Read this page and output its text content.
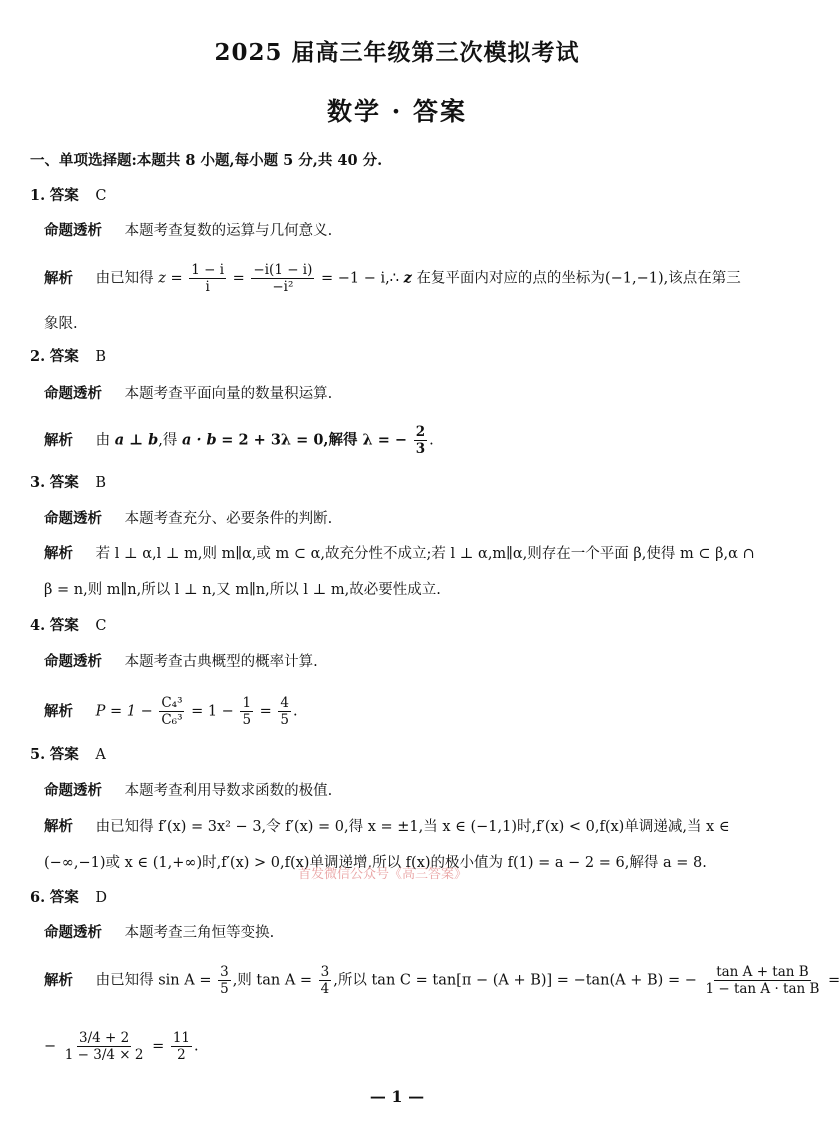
2025 届高三年级第三次模拟考试
数学 · 答案
一、单项选择题:本题共 8 小题,每小题 5 分,共 40 分.
1. 答案 C
命题透析 本题考查复数的运算与几何意义.
解析 由已知得 $z = \frac{1 - i}{i} = \frac{-i(1 - i)}{\text{−i²}} = -1$ − i,∴ z 在复平面内对应的点的坐标为(−1,−1),该点在第三
象限.
2. 答案 B
命题透析 本题考查平面向量的数量积运算.
解析 由 a ⊥ b,得 a · b = 2 + 3λ = 0,解得 λ = − $\frac{2}{3}$ .
3. 答案 B
命题透析 本题考查充分、必要条件的判断.
解析 若 l ⊥ α,l ⊥ m,则 m∥α,或 m ⊂ α,故充分性不成立;若 l ⊥ α,m∥α,则存在一个平面 β,使得 m ⊂ β,α ∩
β = n,则 m∥n,所以 l ⊥ n,又 m∥n,所以 l ⊥ m,故必要性成立.
4. 答案 C
命题透析 本题考查古典概型的概率计算.
解析 $P = 1 - \frac{\text{C₄³}}{\text{C₆³}} = 1 - \frac{1}{5} = \frac{4}{5}$ .
5. 答案 A
命题透析 本题考查利用导数求函数的极值.
解析 由已知得 f′(x) = 3x² − 3,令 f′(x) = 0,得 x = ±1,当 x ∈ (−1,1)时,f′(x) < 0,f(x)单调递减,当 x ∈
(−∞,−1)或 x ∈ (1,+∞)时,f′(x) > 0,f(x)单调递增,所以 f(x)的极小值为 f(1) = a − 2 = 6,解得 a = 8.
首发微信公众号《高三答案》
6. 答案 D
命题透析 本题考查三角恒等变换.
解析 由已知得 $\sin A = \frac{3}{5}$ ,则 $\tan A = \frac{3}{4}$ ,所以 tan C = tan[π − (A + B)] = −tan(A + B) = − $\frac{\text{tan A + tan B}}{\text{1 − tan A · tan B}}$ =
− $\frac{3/4 + 2}{1 - 3/4 \times 2} = \frac{11}{2}$ .
— 1 —
